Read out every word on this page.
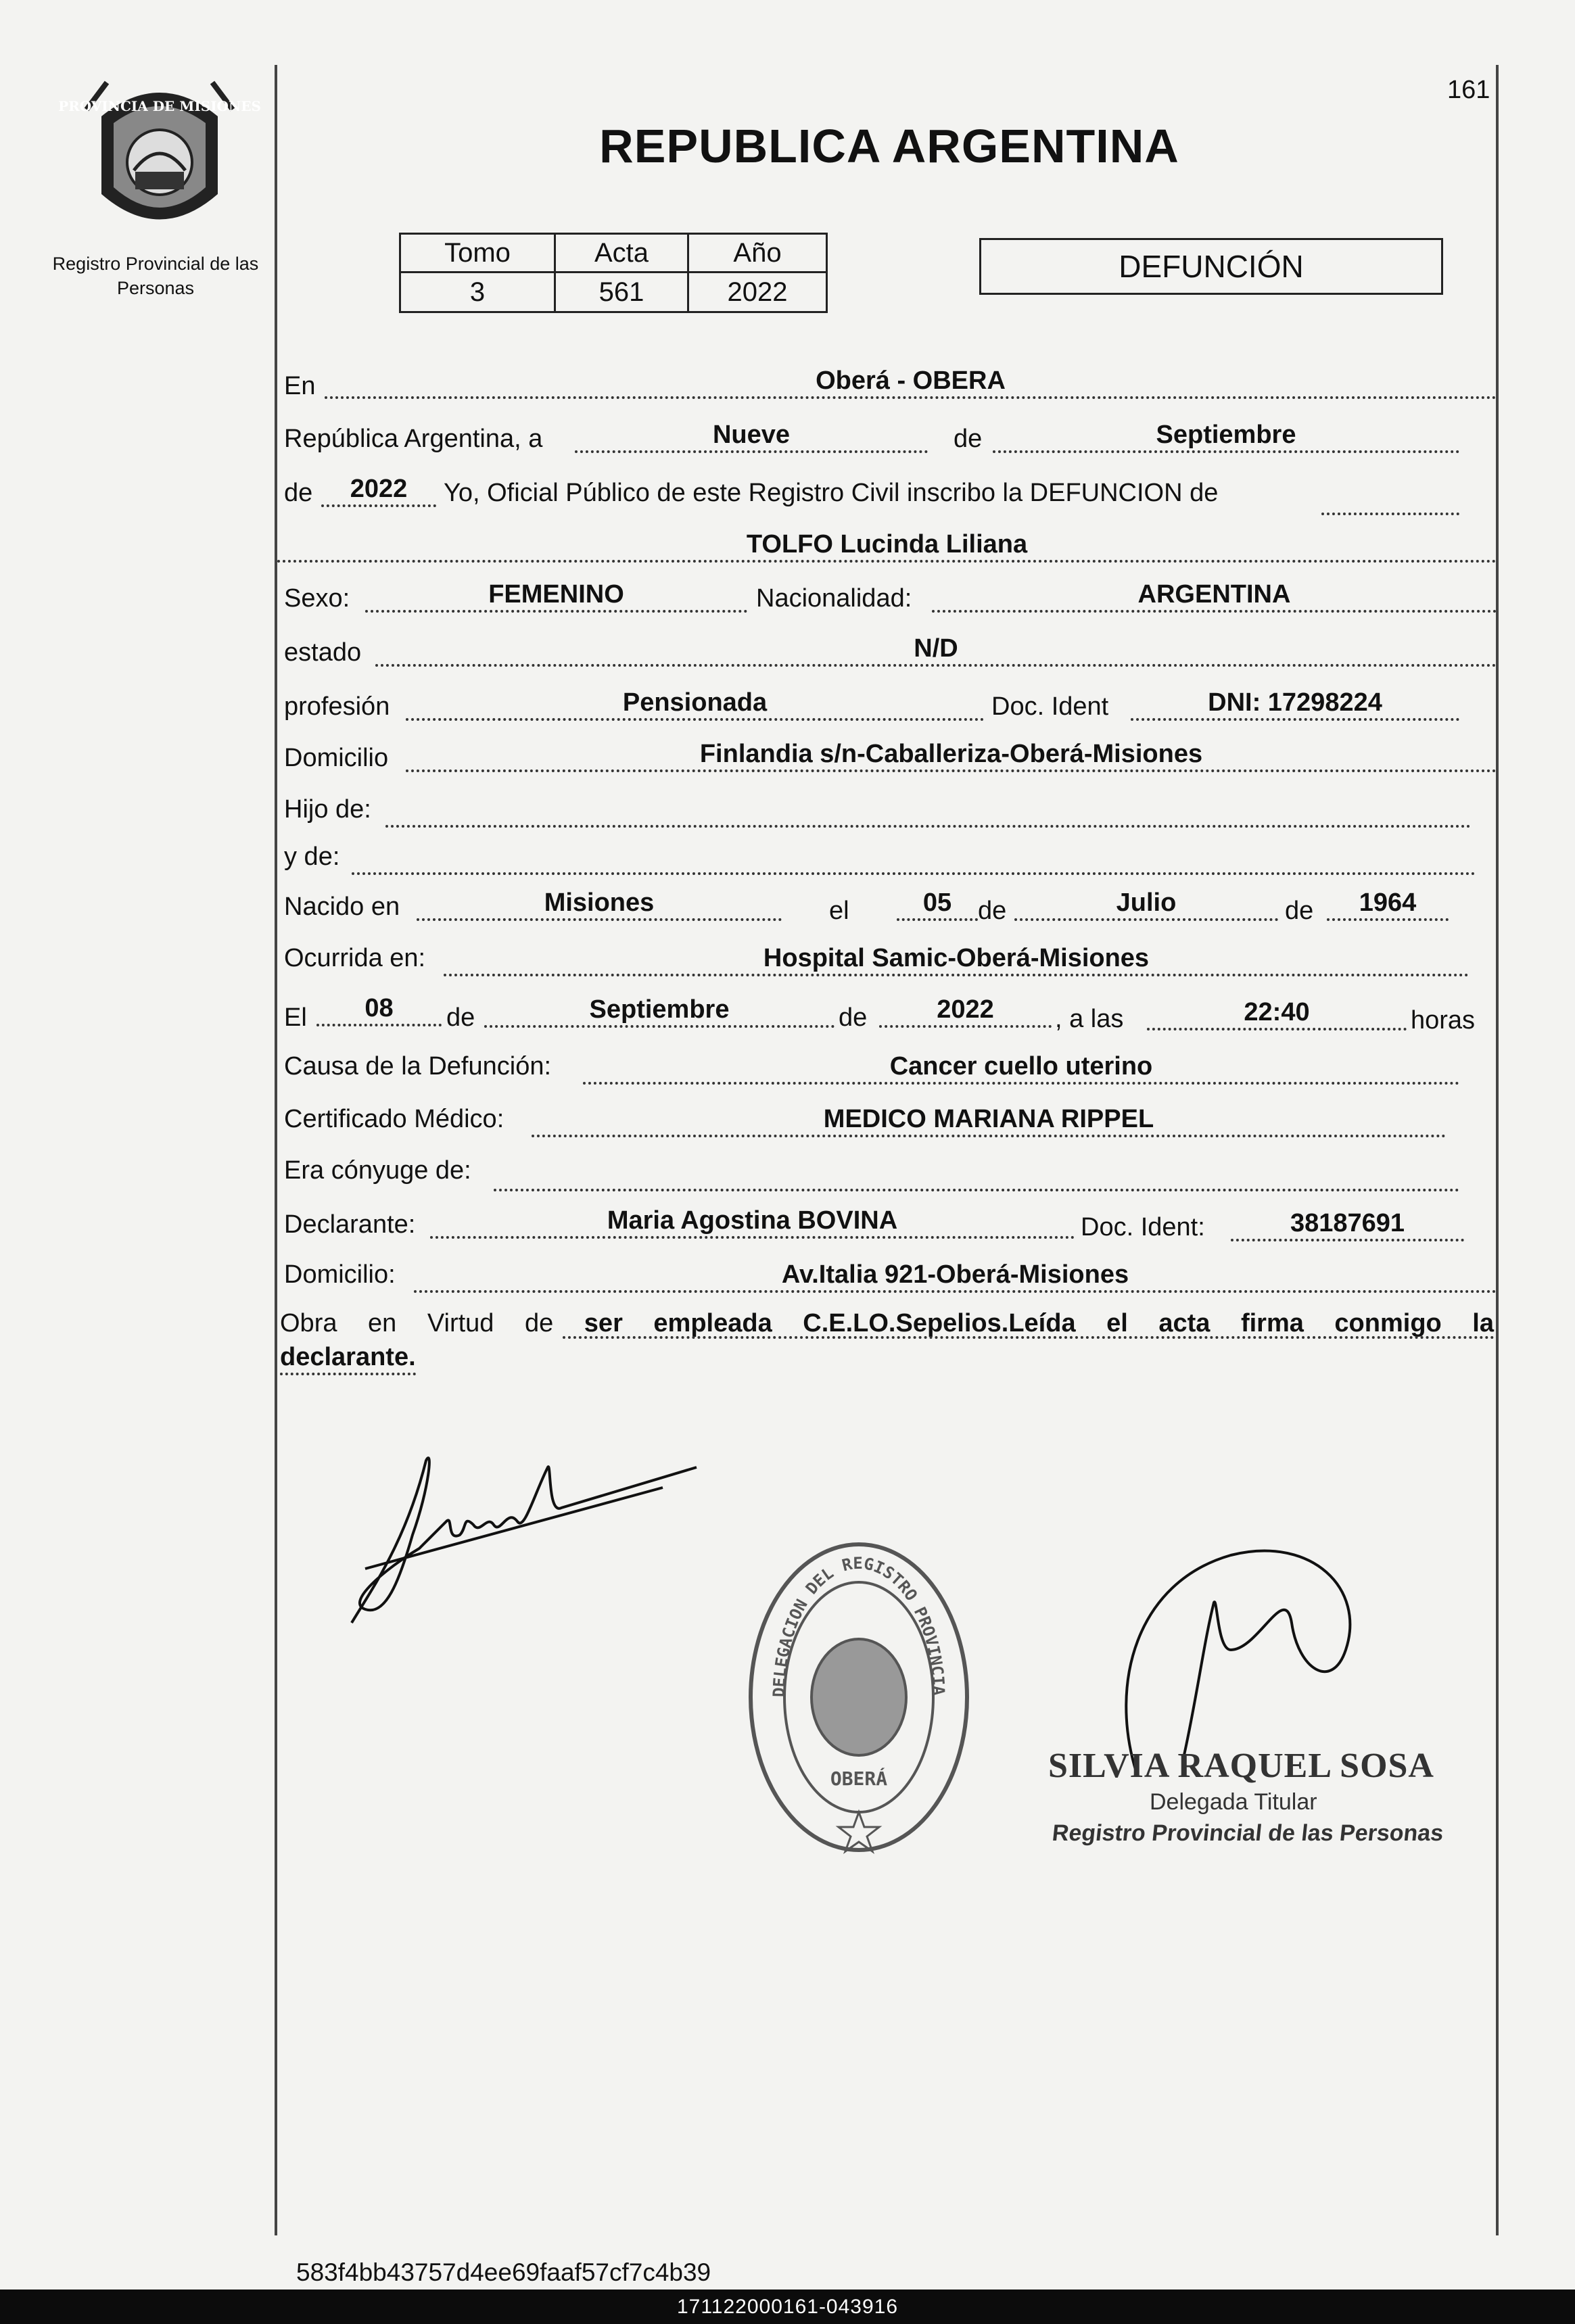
161
PROVINCIA DE MISIONES
Registro Provincial de las Personas
REPUBLICA ARGENTINA
Tomo	Acta	Año
3	561	2022
DEFUNCIÓN
En	Oberá - OBERA
República Argentina, a	Nueve	de	Septiembre
de	2022	Yo, Oficial Público de este Registro Civil inscribo la DEFUNCION de
TOLFO Lucinda Liliana
Sexo:	FEMENINO	Nacionalidad:	ARGENTINA
estado	N/D
profesión	Pensionada	Doc. Ident	DNI: 17298224
Domicilio	Finlandia s/n-Caballeriza-Oberá-Misiones
Hijo de:
y de:
Nacido en	Misiones	el	05	de	Julio	de	1964
Ocurrida en:	Hospital Samic-Oberá-Misiones
El	08	de	Septiembre	de	2022	, a las	22:40	horas
Causa de la Defunción:	Cancer cuello uterino
Certificado Médico:	MEDICO MARIANA RIPPEL
Era cónyuge de:
Declarante:	Maria Agostina BOVINA	Doc. Ident:	38187691
Domicilio:	Av.Italia 921-Oberá-Misiones
Obra en Virtud de ser empleada C.E.LO.Sepelios.Leída el acta firma conmigo la
declarante.
DELEGACION DEL REGISTRO PROVINCIA
OBERÁ	SILVIA RAQUEL SOSA
Delegada Titular
Registro Provincial de las Personas
583f4bb43757d4ee69faaf57cf7c4b39
171122000161-043916
